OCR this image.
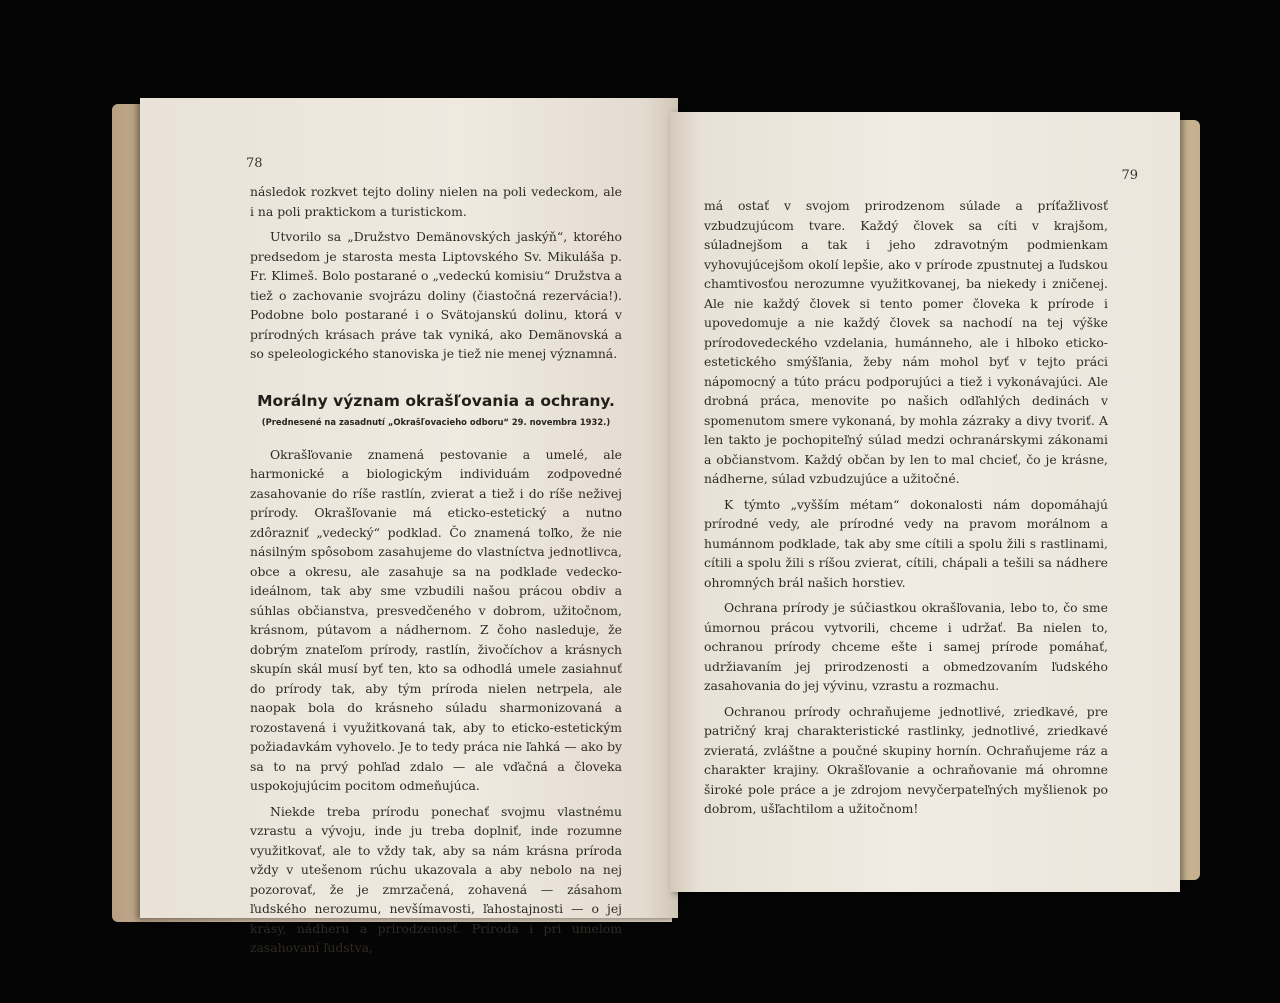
78

následok rozkvet tejto doliny nielen na poli vedeckom, ale i na poli praktickom a turistickom.

Utvorilo sa „Družstvo Demänovských jaskýň“, ktorého predsedom je starosta mesta Liptovského Sv. Mikuláša p. Fr. Klimeš. Bolo postarané o „vedeckú komisiu“ Družstva a tiež o zachovanie svojrázu doliny (čiastočná rezervácia!). Podobne bolo postarané i o Svätojanskú dolinu, ktorá v prírodných krásach práve tak vyniká, ako Demänovská a so speleologického stanoviska je tiež nie menej významná.

Morálny význam okrašľovania a ochrany.
(Prednesené na zasadnutí „Okrašľovacieho odboru“ 29. novembra 1932.)

Okrašľovanie znamená pestovanie a umelé, ale harmonické a biologickým individuám zodpovedné zasahovanie do ríše rastlín, zvierat a tiež i do ríše neživej prírody. Okrašľovanie má eticko-estetický a nutno zdôrazniť „vedecký“ podklad. Čo znamená toľko, že nie násilným spôsobom zasahujeme do vlastníctva jednotlivca, obce a okresu, ale zasahuje sa na podklade vedecko-ideálnom, tak aby sme vzbudili našou prácou obdiv a súhlas občianstva, presvedčeného v dobrom, užitočnom, krásnom, pútavom a nádhernom. Z čoho nasleduje, že dobrým znateľom prírody, rastlín, živočíchov a krásnych skupín skál musí byť ten, kto sa odhodlá umele zasiahnuť do prírody tak, aby tým príroda nielen netrpela, ale naopak bola do krásneho súladu sharmonizovaná a rozostavená i využitkovaná tak, aby to eticko-estetickým požiadavkám vyhovelo. Je to tedy práca nie ľahká — ako by sa to na prvý pohľad zdalo — ale vďačná a človeka uspokojujúcim pocitom odmeňujúca.

Niekde treba prírodu ponechať svojmu vlastnému vzrastu a vývoju, inde ju treba doplniť, inde rozumne využitkovať, ale to vždy tak, aby sa nám krásna príroda vždy v utešenom rúchu ukazovala a aby nebolo na nej pozorovať, že je zmrzačená, zohavená — zásahom ľudského nerozumu, nevšímavosti, ľahostajnosti — o jej krásy, nádheru a prirodzenosť. Príroda i pri umelom zasahovaní ľudstva,

79

má ostať v svojom prirodzenom súlade a príťažlivosť vzbudzujúcom tvare. Každý človek sa cíti v krajšom, súladnejšom a tak i jeho zdravotným podmienkam vyhovujúcejšom okolí lepšie, ako v prírode zpustnutej a ľudskou chamtivosťou nerozumne využitkovanej, ba niekedy i zničenej. Ale nie každý človek si tento pomer človeka k prírode i upovedomuje a nie každý človek sa nachodí na tej výške prírodovedeckého vzdelania, humánneho, ale i hlboko eticko-estetického smýšľania, žeby nám mohol byť v tejto práci nápomocný a túto prácu podporujúci a tiež i vykonávajúci. Ale drobná práca, menovite po našich odľahlých dedinách v spomenutom smere vykonaná, by mohla zázraky a divy tvoriť. A len takto je pochopiteľný súlad medzi ochranárskymi zákonami a občianstvom. Každý občan by len to mal chcieť, čo je krásne, nádherne, súlad vzbudzujúce a užitočné.

K týmto „vyšším métam“ dokonalosti nám dopomáhajú prírodné vedy, ale prírodné vedy na pravom morálnom a humánnom podklade, tak aby sme cítili a spolu žili s rastlinami, cítili a spolu žili s ríšou zvierat, cítili, chápali a tešili sa nádhere ohromných brál našich horstiev.

Ochrana prírody je súčiastkou okrašľovania, lebo to, čo sme úmornou prácou vytvorili, chceme i udržať. Ba nielen to, ochranou prírody chceme ešte i samej prírode pomáhať, udržiavaním jej prirodzenosti a obmedzovaním ľudského zasahovania do jej vývinu, vzrastu a rozmachu.

Ochranou prírody ochraňujeme jednotlivé, zriedkavé, pre patričný kraj charakteristické rastlinky, jednotlivé, zriedkavé zvieratá, zvláštne a poučné skupiny hornín. Ochraňujeme ráz a charakter krajiny. Okrašľovanie a ochraňovanie má ohromne široké pole práce a je zdrojom nevyčerpateľných myšlienok po dobrom, ušľachtilom a užitočnom!
